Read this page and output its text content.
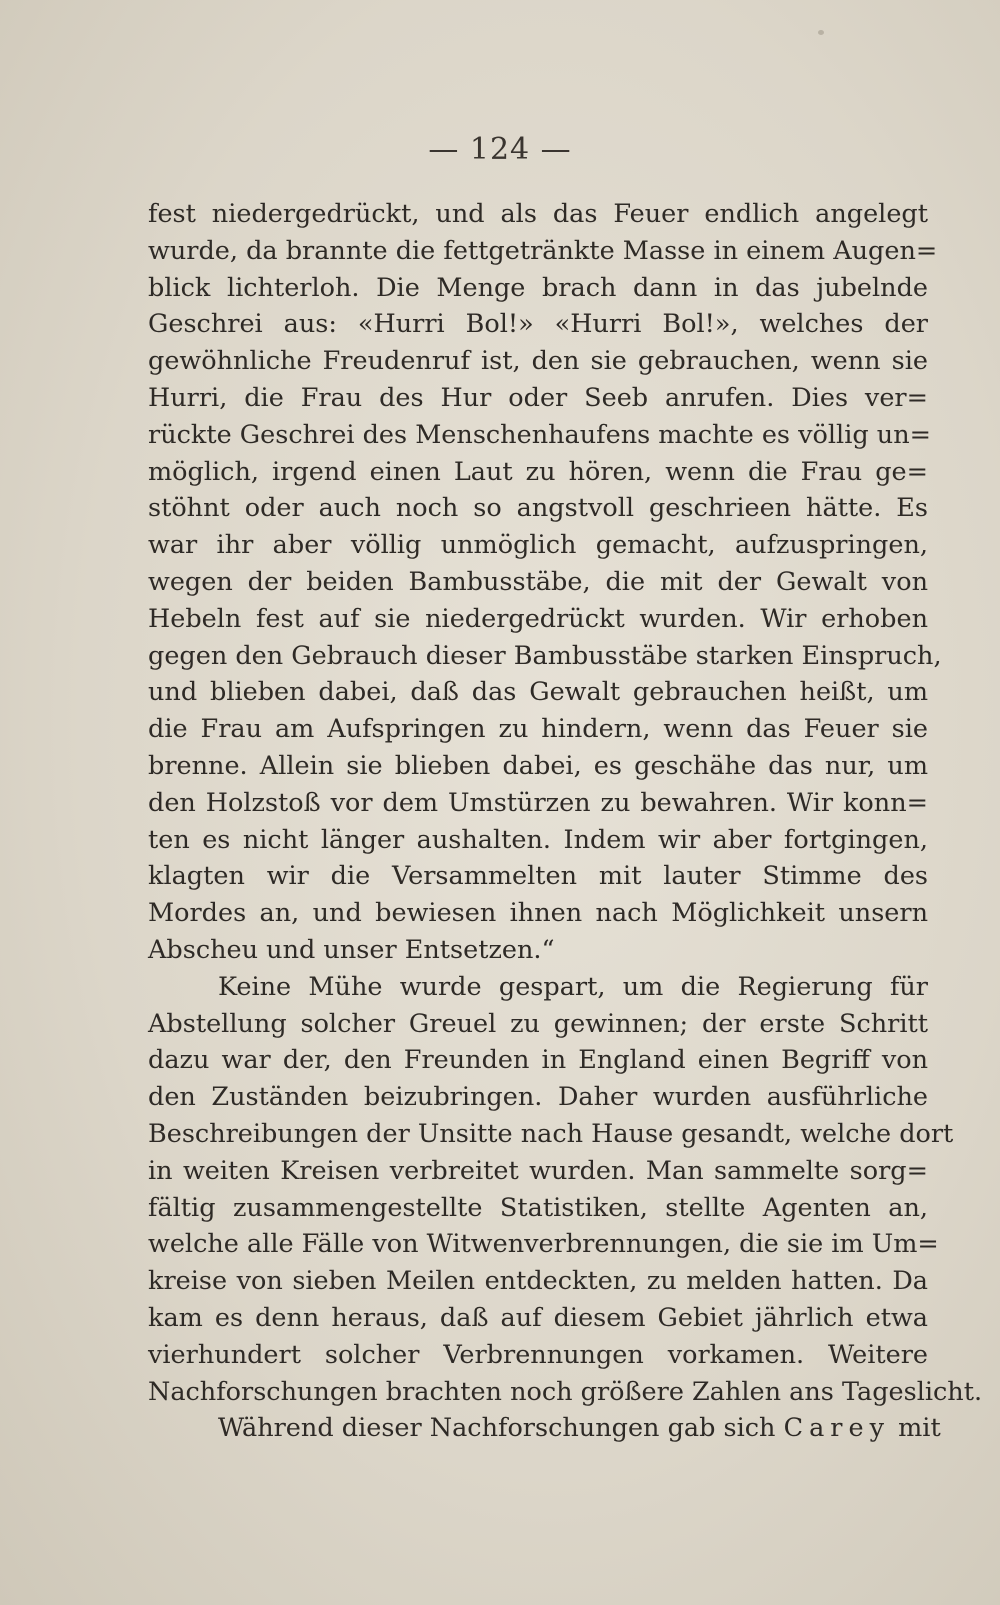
— 124 —
fest niedergedrückt, und als das Feuer endlich angelegt
wurde, da brannte die fettgetränkte Masse in einem Augen=
blick lichterloh. Die Menge brach dann in das jubelnde
Geschrei aus: «Hurri Bol!» «Hurri Bol!», welches der
gewöhnliche Freudenruf ist, den sie gebrauchen, wenn sie
Hurri, die Frau des Hur oder Seeb anrufen. Dies ver=
rückte Geschrei des Menschenhaufens machte es völlig un=
möglich, irgend einen Laut zu hören, wenn die Frau ge=
stöhnt oder auch noch so angstvoll geschrieen hätte. Es
war ihr aber völlig unmöglich gemacht, aufzuspringen,
wegen der beiden Bambusstäbe, die mit der Gewalt von
Hebeln fest auf sie niedergedrückt wurden. Wir erhoben
gegen den Gebrauch dieser Bambusstäbe starken Einspruch,
und blieben dabei, daß das Gewalt gebrauchen heißt, um
die Frau am Aufspringen zu hindern, wenn das Feuer sie
brenne. Allein sie blieben dabei, es geschähe das nur, um
den Holzstoß vor dem Umstürzen zu bewahren. Wir konn=
ten es nicht länger aushalten. Indem wir aber fortgingen,
klagten wir die Versammelten mit lauter Stimme des
Mordes an, und bewiesen ihnen nach Möglichkeit unsern
Abscheu und unser Entsetzen.“
Keine Mühe wurde gespart, um die Regierung für
Abstellung solcher Greuel zu gewinnen; der erste Schritt
dazu war der, den Freunden in England einen Begriff von
den Zuständen beizubringen. Daher wurden ausführliche
Beschreibungen der Unsitte nach Hause gesandt, welche dort
in weiten Kreisen verbreitet wurden. Man sammelte sorg=
fältig zusammengestellte Statistiken, stellte Agenten an,
welche alle Fälle von Witwenverbrennungen, die sie im Um=
kreise von sieben Meilen entdeckten, zu melden hatten. Da
kam es denn heraus, daß auf diesem Gebiet jährlich etwa
vierhundert solcher Verbrennungen vorkamen. Weitere
Nachforschungen brachten noch größere Zahlen ans Tageslicht.
Während dieser Nachforschungen gab sich Carey mit
